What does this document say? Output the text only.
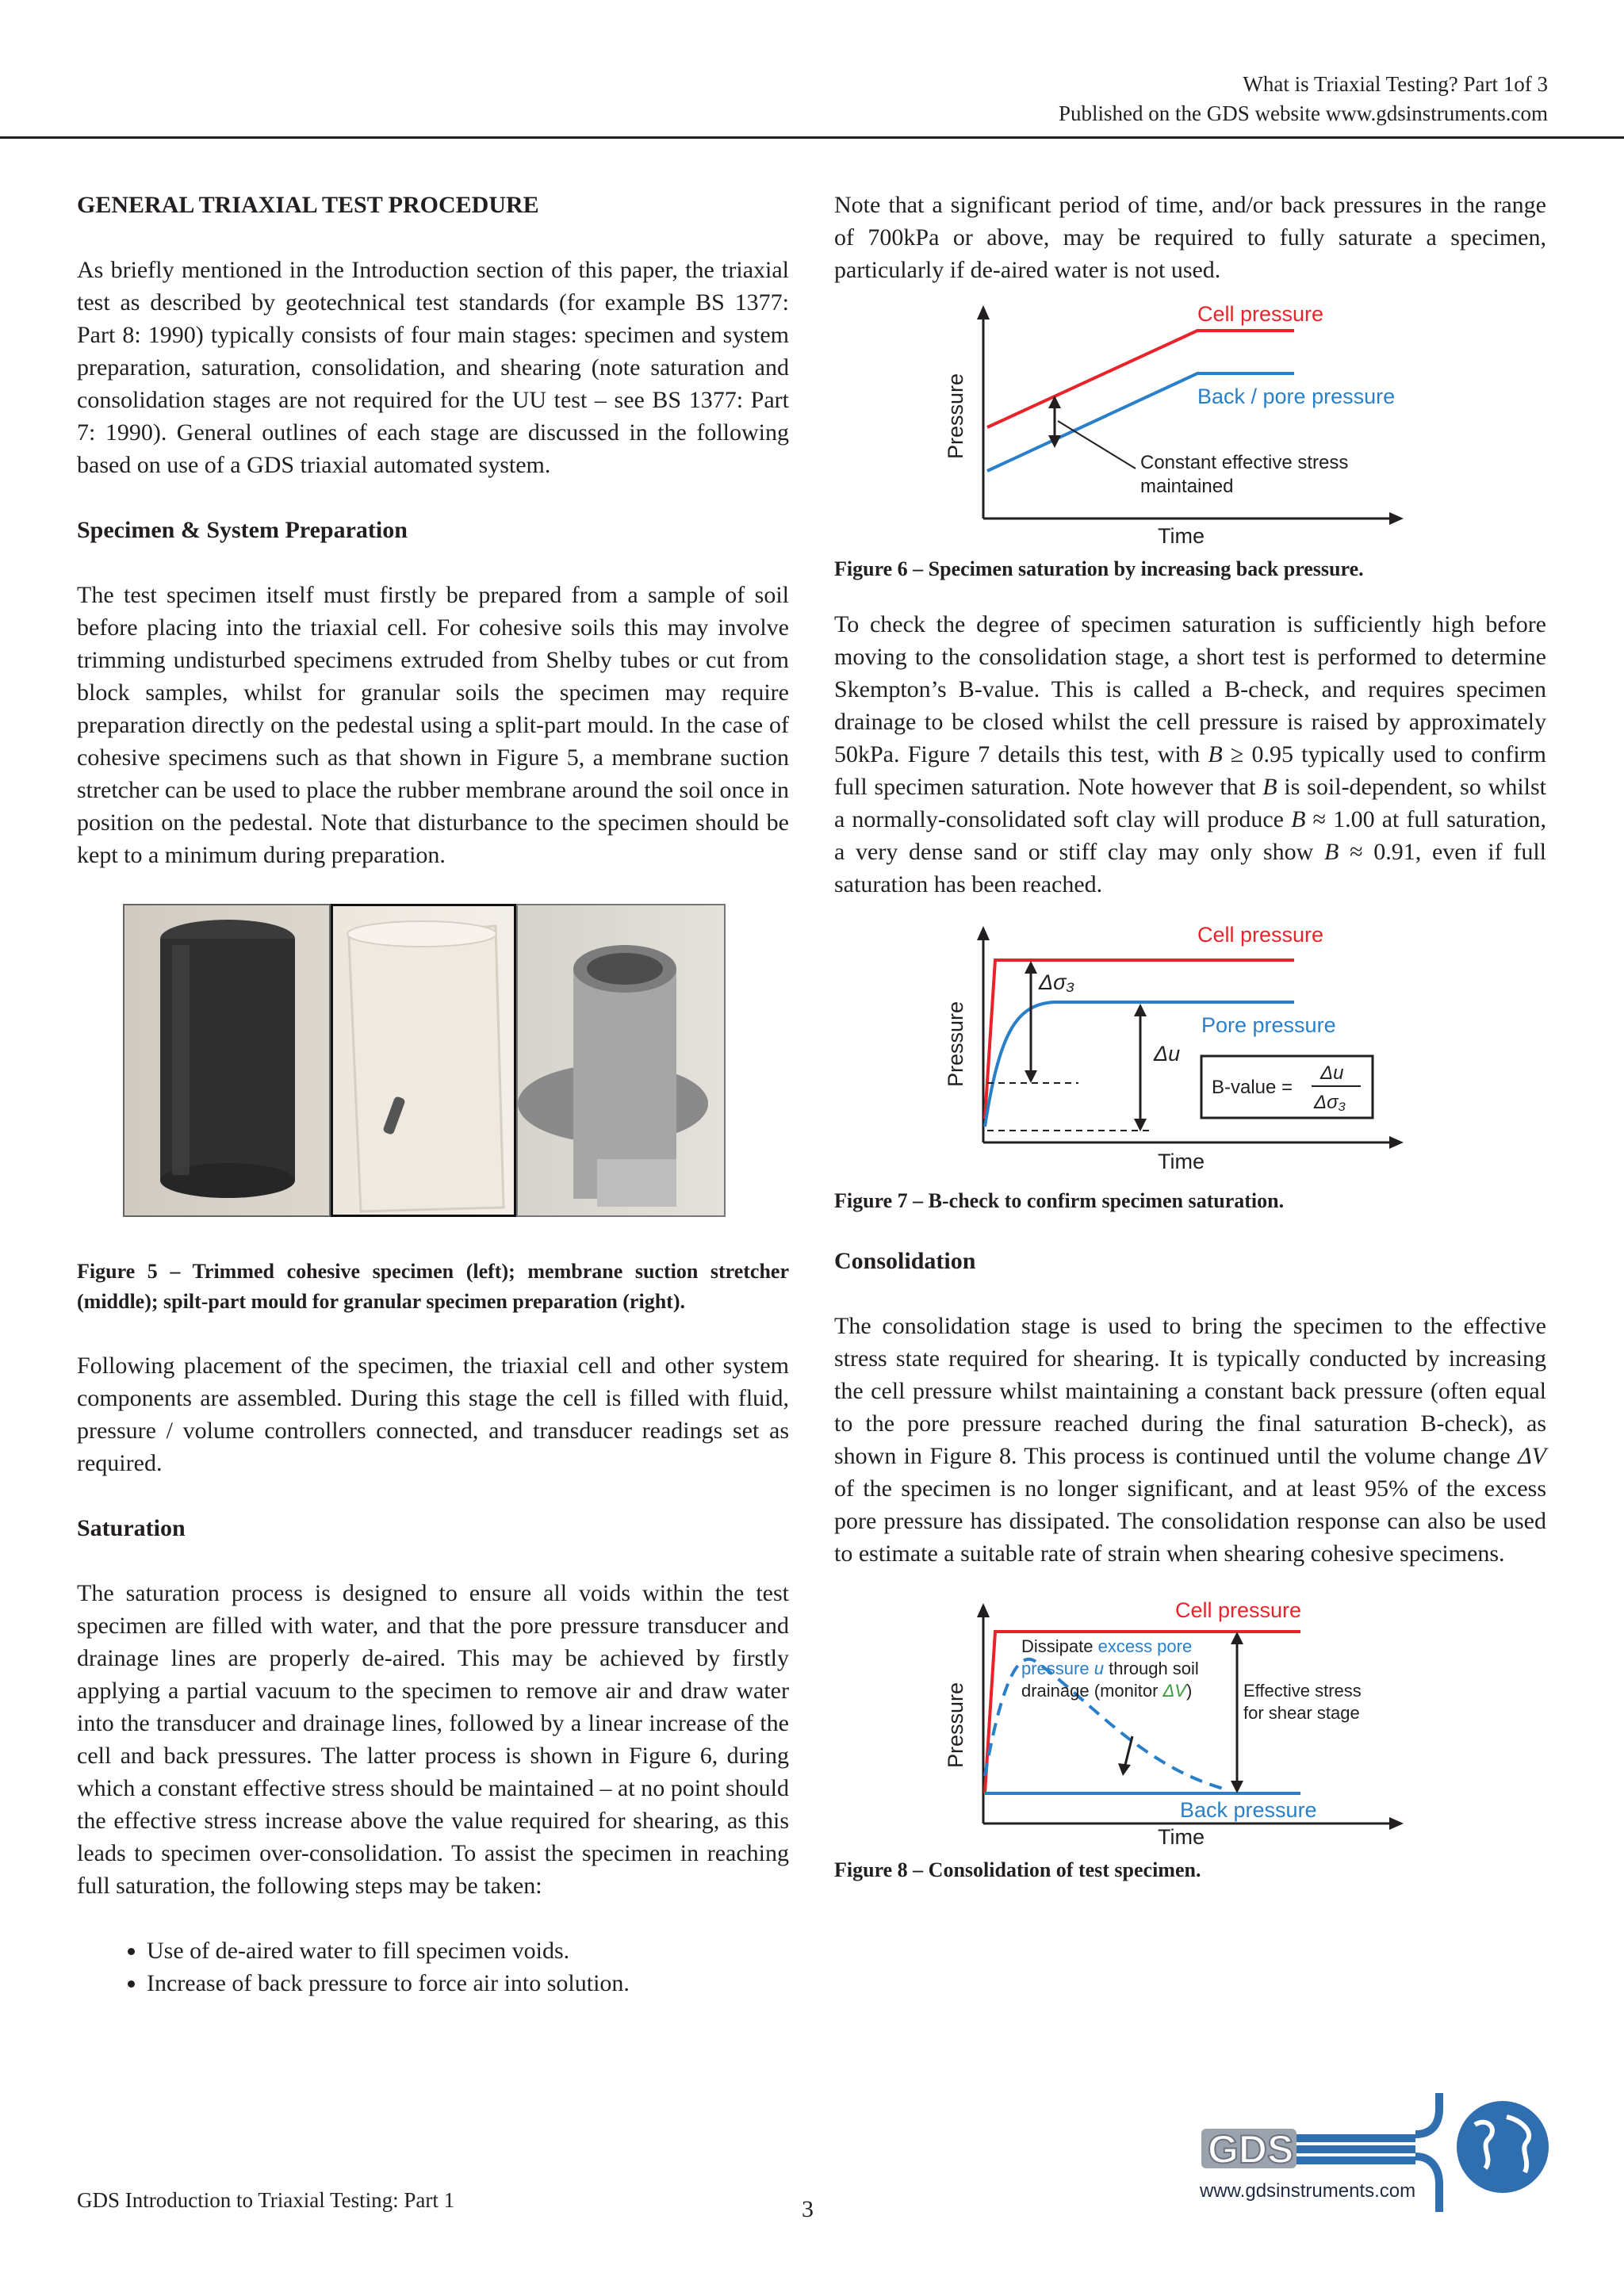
What is Triaxial Testing? Part 1of 3
Published on the GDS website www.gdsinstruments.com
GENERAL TRIAXIAL TEST PROCEDURE

As briefly mentioned in the Introduction section of this paper, the triaxial test as described by geotechnical test standards (for example BS 1377: Part 8: 1990) typically consists of four main stages: specimen and system preparation, saturation, consolidation, and shearing (note saturation and consolidation stages are not required for the UU test – see BS 1377: Part 7: 1990). General outlines of each stage are discussed in the following based on use of a GDS triaxial automated system.

Specimen & System Preparation

The test specimen itself must firstly be prepared from a sample of soil before placing into the triaxial cell. For cohesive soils this may involve trimming undisturbed specimens extruded from Shelby tubes or cut from block samples, whilst for granular soils the specimen may require preparation directly on the pedestal using a split-part mould. In the case of cohesive specimens such as that shown in Figure 5, a membrane suction stretcher can be used to place the rubber membrane around the soil once in position on the pedestal. Note that disturbance to the specimen should be kept to a minimum during preparation.

Figure 5 – Trimmed cohesive specimen (left); membrane suction stretcher (middle); spilt-part mould for granular specimen preparation (right).

Following placement of the specimen, the triaxial cell and other system components are assembled. During this stage the cell is filled with fluid, pressure / volume controllers connected, and transducer readings set as required.

Saturation

The saturation process is designed to ensure all voids within the test specimen are filled with water, and that the pore pressure transducer and drainage lines are properly de-aired. This may be achieved by firstly applying a partial vacuum to the specimen to remove air and draw water into the transducer and drainage lines, followed by a linear increase of the cell and back pressures. The latter process is shown in Figure 6, during which a constant effective stress should be maintained – at no point should the effective stress increase above the value required for shearing, as this leads to specimen over-consolidation. To assist the specimen in reaching full saturation, the following steps may be taken:

• Use of de-aired water to fill specimen voids.
• Increase of back pressure to force air into solution.

Note that a significant period of time, and/or back pressures in the range of 700kPa or above, may be required to fully saturate a specimen, particularly if de-aired water is not used.

Pressure
Time
Cell pressure
Back / pore pressure
Constant effective stress
maintained

Figure 6 – Specimen saturation by increasing back pressure.

To check the degree of specimen saturation is sufficiently high before moving to the consolidation stage, a short test is performed to determine Skempton’s B-value. This is called a B-check, and requires specimen drainage to be closed whilst the cell pressure is raised by approximately 50kPa. Figure 7 details this test, with B ≥ 0.95 typically used to confirm full specimen saturation. Note however that B is soil-dependent, so whilst a normally-consolidated soft clay will produce B ≈ 1.00 at full saturation, a very dense sand or stiff clay may only show B ≈ 0.91, even if full saturation has been reached.

Pressure
Time
Δσ₃
Δu
Cell pressure
Pore pressure
B-value =
Δu
Δσ₃

Figure 7 – B-check to confirm specimen saturation.

Consolidation

The consolidation stage is used to bring the specimen to the effective stress state required for shearing. It is typically conducted by increasing the cell pressure whilst maintaining a constant back pressure (often equal to the pore pressure reached during the final saturation B-check), as shown in Figure 8. This process is continued until the volume change ΔV of the specimen is no longer significant, and at least 95% of the excess pore pressure has dissipated. The consolidation response can also be used to estimate a suitable rate of strain when shearing cohesive specimens.

Pressure
Time
Cell pressure
Back pressure
Dissipate excess pore
pressure u through soil
drainage (monitor ΔV)	Effective stress
for shear stage

Figure 8 – Consolidation of test specimen.

GDS Introduction to Triaxial Testing: Part 1	3
GDS
www.gdsinstruments.com
